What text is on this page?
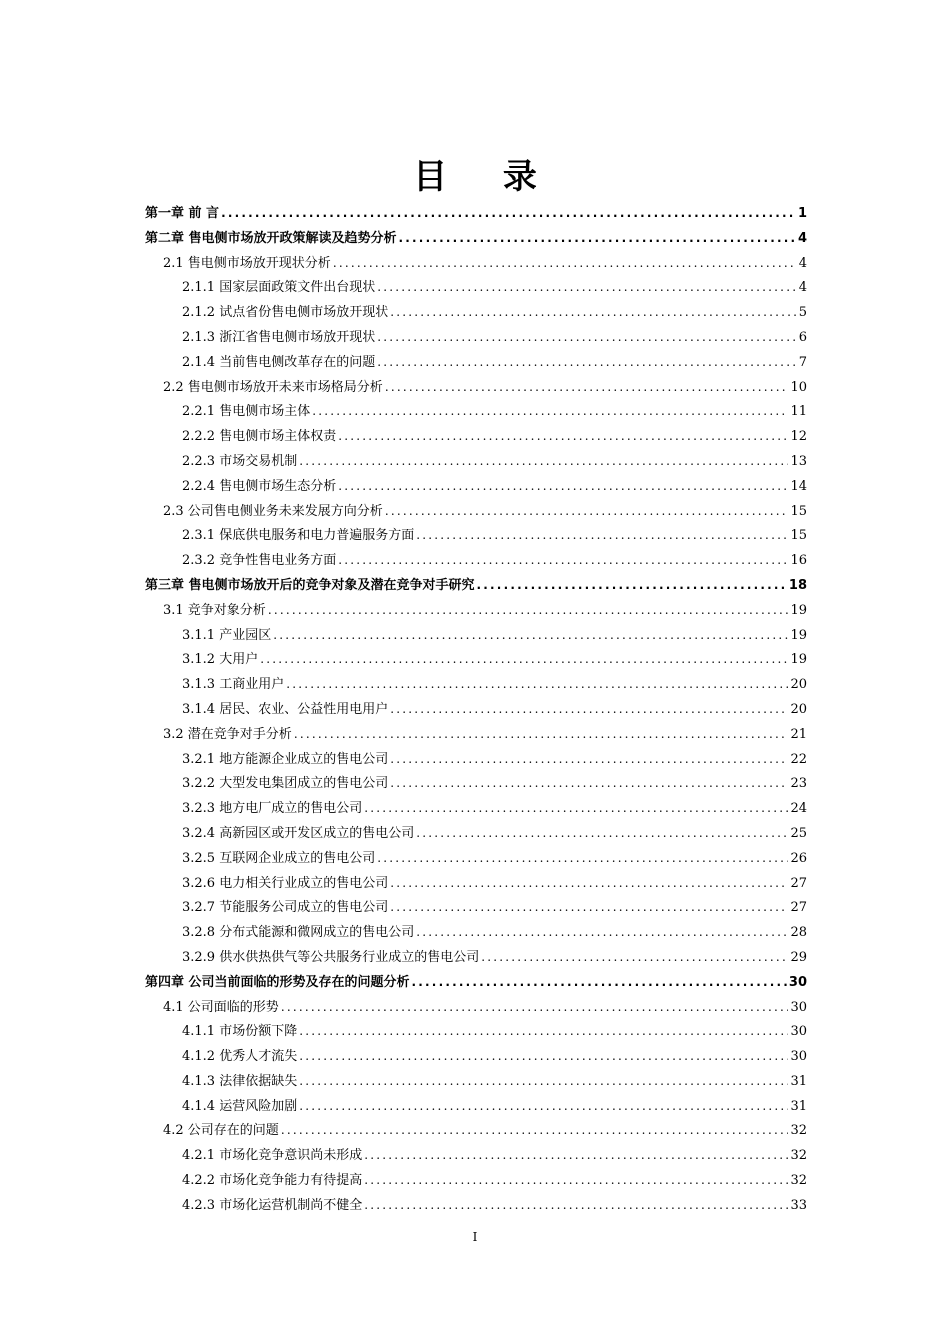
目 录
第一章 前 言 .....	1
第二章 售电侧市场放开政策解读及趋势分析 .....	4
2.1 售电侧市场放开现状分析 .....	4
2.1.1 国家层面政策文件出台现状 .....	4
2.1.2 试点省份售电侧市场放开现状 .....	5
2.1.3 浙江省售电侧市场放开现状 .....	6
2.1.4 当前售电侧改革存在的问题 .....	7
2.2 售电侧市场放开未来市场格局分析 .....	10
2.2.1 售电侧市场主体 .....	11
2.2.2 售电侧市场主体权责 .....	12
2.2.3 市场交易机制 .....	13
2.2.4 售电侧市场生态分析 .....	14
2.3 公司售电侧业务未来发展方向分析 .....	15
2.3.1 保底供电服务和电力普遍服务方面 .....	15
2.3.2 竞争性售电业务方面 .....	16
第三章 售电侧市场放开后的竞争对象及潜在竞争对手研究 .....	18
3.1 竞争对象分析 .....	19
3.1.1 产业园区 .....	19
3.1.2 大用户 .....	19
3.1.3 工商业用户 .....	20
3.1.4 居民、农业、公益性用电用户 .....	20
3.2 潜在竞争对手分析 .....	21
3.2.1 地方能源企业成立的售电公司 .....	22
3.2.2 大型发电集团成立的售电公司 .....	23
3.2.3 地方电厂成立的售电公司 .....	24
3.2.4 高新园区或开发区成立的售电公司 .....	25
3.2.5 互联网企业成立的售电公司 .....	26
3.2.6 电力相关行业成立的售电公司 .....	27
3.2.7 节能服务公司成立的售电公司 .....	27
3.2.8 分布式能源和微网成立的售电公司 .....	28
3.2.9 供水供热供气等公共服务行业成立的售电公司 .....	29
第四章 公司当前面临的形势及存在的问题分析 .....	30
4.1 公司面临的形势 .....	30
4.1.1 市场份额下降 .....	30
4.1.2 优秀人才流失 .....	30
4.1.3 法律依据缺失 .....	31
4.1.4 运营风险加剧 .....	31
4.2 公司存在的问题 .....	32
4.2.1 市场化竞争意识尚未形成 .....	32
4.2.2 市场化竞争能力有待提高 .....	32
4.2.3 市场化运营机制尚不健全 .....	33
I
